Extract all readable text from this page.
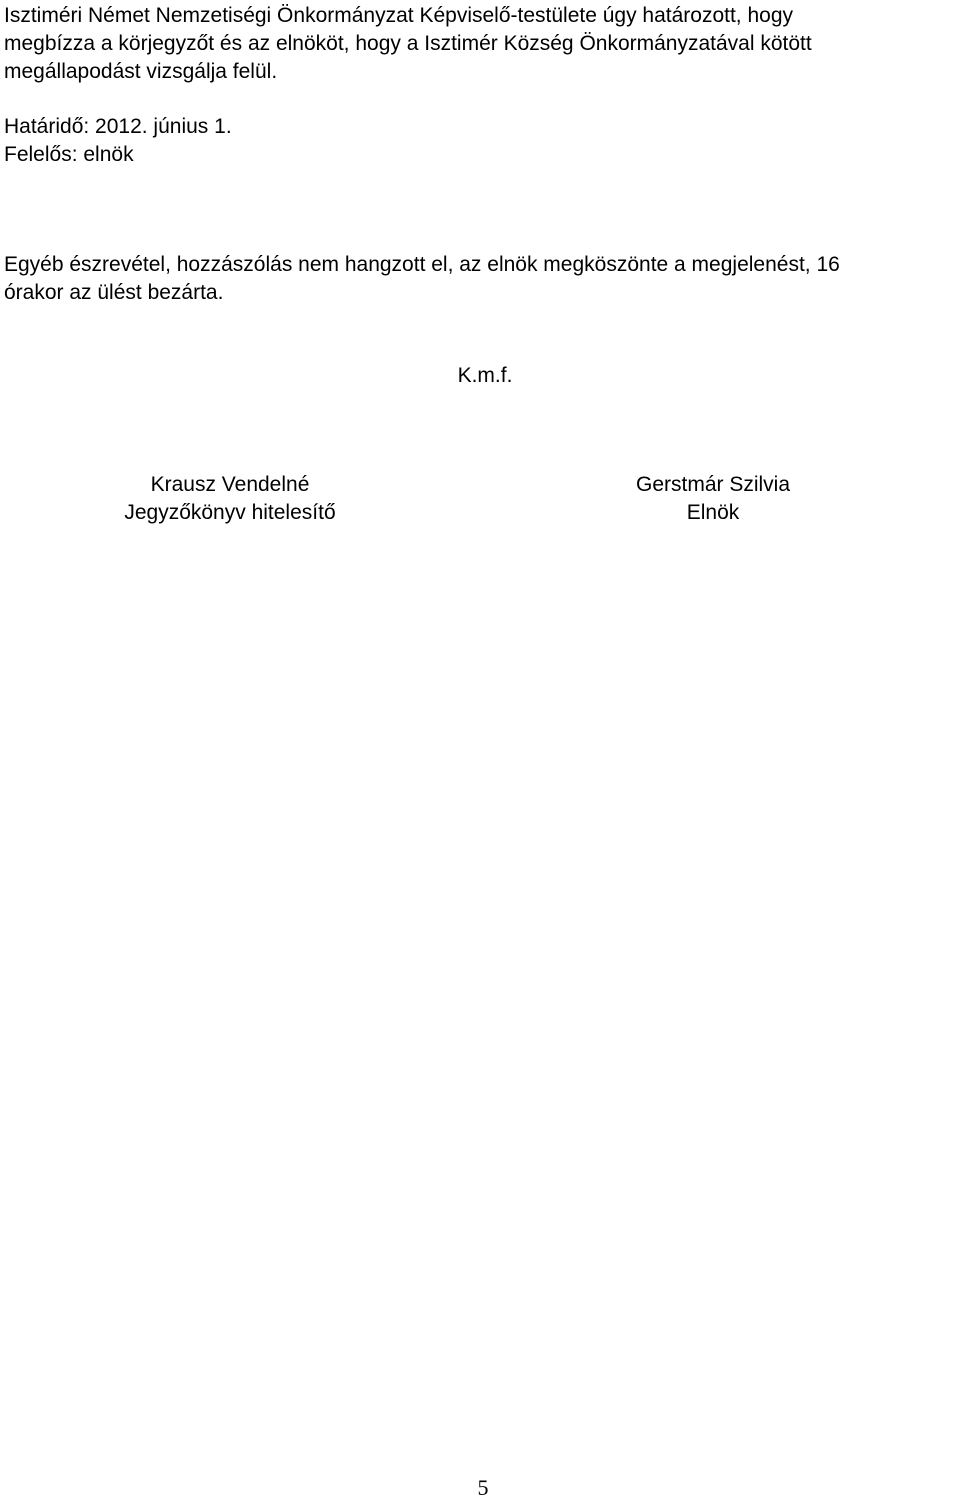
Isztiméri Német Nemzetiségi Önkormányzat Képviselő-testülete úgy határozott, hogy
megbízza a körjegyzőt és az elnököt, hogy a Isztimér Község Önkormányzatával kötött
megállapodást vizsgálja felül.

Határidő: 2012. június 1.
Felelős: elnök

Egyéb észrevétel, hozzászólás nem hangzott el, az elnök megköszönte a megjelenést, 16
órakor az ülést bezárta.

K.m.f.
Krausz Vendelné
Jegyzőkönyv hitelesítő
Gerstmár Szilvia
Elnök
5
